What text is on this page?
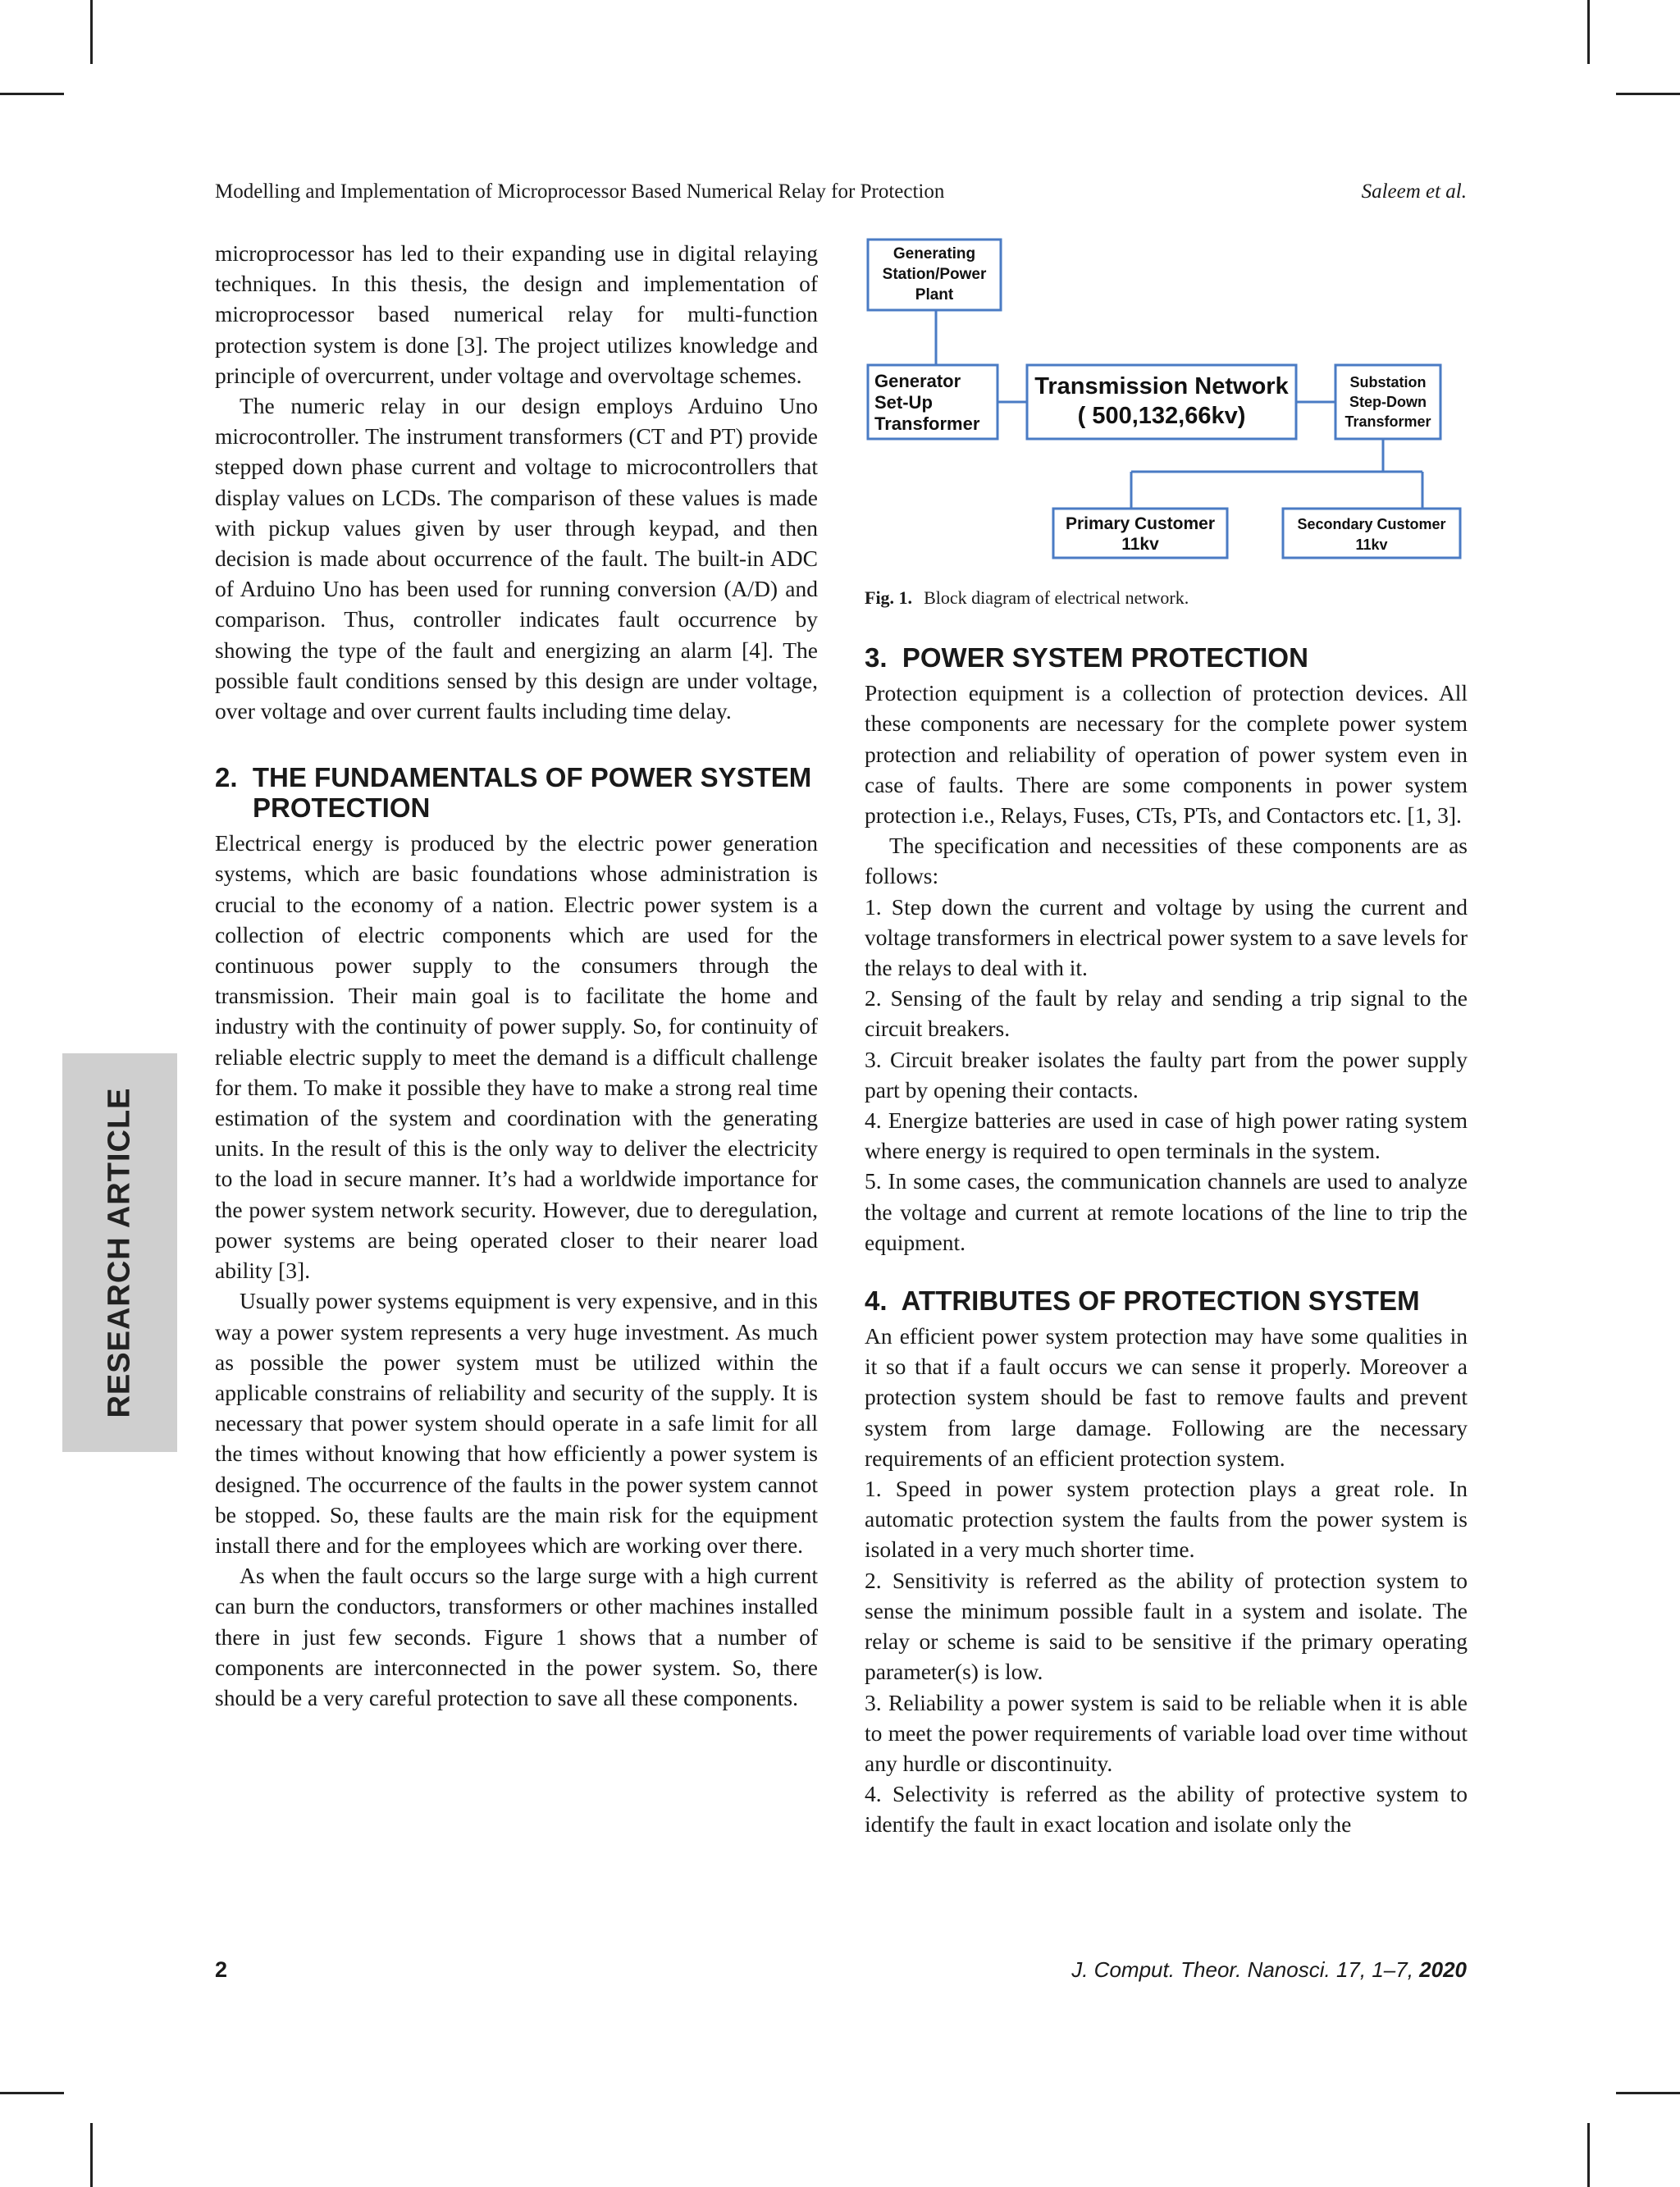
Modelling and Implementation of Microprocessor Based Numerical Relay for Protection	Saleem et al.
RESEARCH ARTICLE

microprocessor has led to their expanding use in digital relaying techniques. In this thesis, the design and implementation of microprocessor based numerical relay for multi-function protection system is done [3]. The project utilizes knowledge and principle of overcurrent, under voltage and overvoltage schemes.

The numeric relay in our design employs Arduino Uno microcontroller. The instrument transformers (CT and PT) provide stepped down phase current and voltage to microcontrollers that display values on LCDs. The comparison of these values is made with pickup values given by user through keypad, and then decision is made about occurrence of the fault. The built-in ADC of Arduino Uno has been used for running conversion (A/D) and comparison. Thus, controller indicates fault occurrence by showing the type of the fault and energizing an alarm [4]. The possible fault conditions sensed by this design are under voltage, over voltage and over current faults including time delay.

2. THE FUNDAMENTALS OF POWER SYSTEM PROTECTION

Electrical energy is produced by the electric power generation systems, which are basic foundations whose administration is crucial to the economy of a nation. Electric power system is a collection of electric components which are used for the continuous power supply to the consumers through the transmission. Their main goal is to facilitate the home and industry with the continuity of power supply. So, for continuity of reliable electric supply to meet the demand is a difficult challenge for them. To make it possible they have to make a strong real time estimation of the system and coordination with the generating units. In the result of this is the only way to deliver the electricity to the load in secure manner. It’s had a worldwide importance for the power system network security. However, due to deregulation, power systems are being operated closer to their nearer load ability [3].

Usually power systems equipment is very expensive, and in this way a power system represents a very huge investment. As much as possible the power system must be utilized within the applicable constrains of reliability and security of the supply. It is necessary that power system should operate in a safe limit for all the times without knowing that how efficiently a power system is designed. The occurrence of the faults in the power system cannot be stopped. So, these faults are the main risk for the equipment install there and for the employees which are working over there.

As when the fault occurs so the large surge with a high current can burn the conductors, transformers or other machines installed there in just few seconds. Figure 1 shows that a number of components are interconnected in the power system. So, there should be a very careful protection to save all these components.

Generating
Station/Power
Plant
Generator
Set-Up
Transformer
Transmission Network
( 500,132,66kv)
Substation
Step-Down
Transformer
Primary Customer
11kv
Secondary Customer
11kv
Fig. 1. Block diagram of electrical network.
3. POWER SYSTEM PROTECTION

Protection equipment is a collection of protection devices. All these components are necessary for the complete power system protection and reliability of operation of power system even in case of faults. There are some components in power system protection i.e., Relays, Fuses, CTs, PTs, and Contactors etc. [1, 3].

The specification and necessities of these components are as follows:

1. Step down the current and voltage by using the current and voltage transformers in electrical power system to a save levels for the relays to deal with it.

2. Sensing of the fault by relay and sending a trip signal to the circuit breakers.

3. Circuit breaker isolates the faulty part from the power supply part by opening their contacts.

4. Energize batteries are used in case of high power rating system where energy is required to open terminals in the system.

5. In some cases, the communication channels are used to analyze the voltage and current at remote locations of the line to trip the equipment.

4. ATTRIBUTES OF PROTECTION SYSTEM

An efficient power system protection may have some qualities in it so that if a fault occurs we can sense it properly. Moreover a protection system should be fast to remove faults and prevent system from large damage. Following are the necessary requirements of an efficient protection system.

1. Speed in power system protection plays a great role. In automatic protection system the faults from the power system is isolated in a very much shorter time.

2. Sensitivity is referred as the ability of protection system to sense the minimum possible fault in a system and isolate. The relay or scheme is said to be sensitive if the primary operating parameter(s) is low.

3. Reliability a power system is said to be reliable when it is able to meet the power requirements of variable load over time without any hurdle or discontinuity.

4. Selectivity is referred as the ability of protective system to identify the fault in exact location and isolate only the

2	J. Comput. Theor. Nanosci. 17, 1–7, 2020
